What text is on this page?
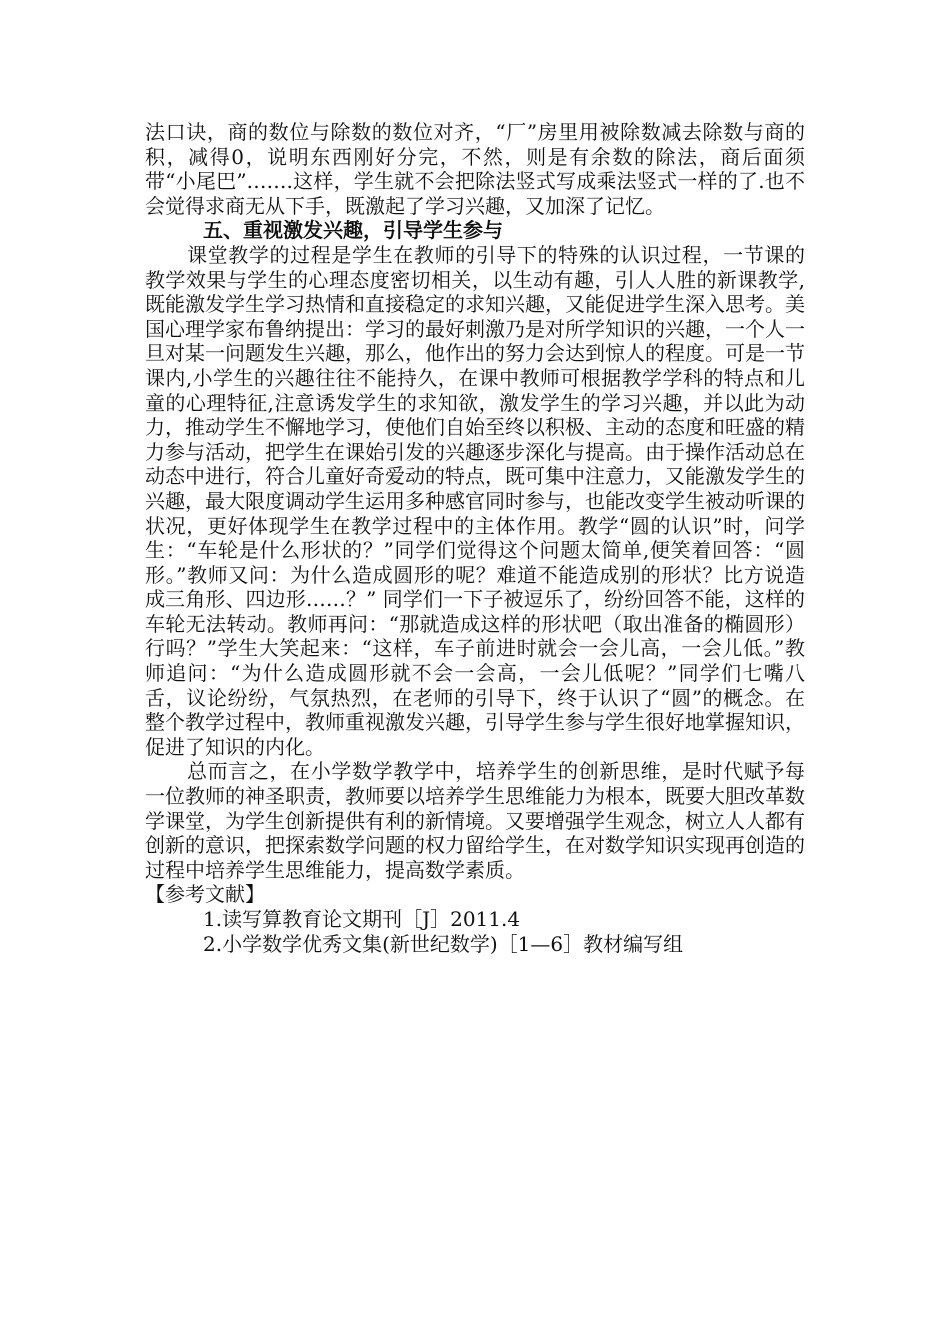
法口诀，商的数位与除数的数位对齐，“厂”房里用被除数减去除数与商的积，减得0，说明东西刚好分完，不然，则是有余数的除法，商后面须带“小尾巴”…….这样，学生就不会把除法竖式写成乘法竖式一样的了.也不会觉得求商无从下手，既激起了学习兴趣，又加深了记忆。

五、重视激发兴趣，引导学生参与

课堂教学的过程是学生在教师的引导下的特殊的认识过程，一节课的教学效果与学生的心理态度密切相关，以生动有趣，引人人胜的新课教学,既能激发学生学习热情和直接稳定的求知兴趣，又能促进学生深入思考。美国心理学家布鲁纳提出：学习的最好刺激乃是对所学知识的兴趣，一个人一旦对某一问题发生兴趣，那么，他作出的努力会达到惊人的程度。可是一节课内,小学生的兴趣往往不能持久，在课中教师可根据教学学科的特点和儿童的心理特征,注意诱发学生的求知欲，激发学生的学习兴趣，并以此为动力，推动学生不懈地学习，使他们自始至终以积极、主动的态度和旺盛的精力参与活动，把学生在课始引发的兴趣逐步深化与提高。由于操作活动总在动态中进行，符合儿童好奇爱动的特点，既可集中注意力，又能激发学生的兴趣，最大限度调动学生运用多种感官同时参与，也能改变学生被动听课的状况，更好体现学生在教学过程中的主体作用。教学“圆的认识”时，问学生：“车轮是什么形状的？”同学们觉得这个问题太简单,便笑着回答：“圆形。”教师又问：为什么造成圆形的呢？难道不能造成别的形状？比方说造成三角形、四边形……？” 同学们一下子被逗乐了，纷纷回答不能，这样的车轮无法转动。教师再问：“那就造成这样的形状吧（取出准备的椭圆形）行吗？”学生大笑起来：“这样，车子前进时就会一会儿高，一会儿低。”教师追问：“为什么造成圆形就不会一会高，一会儿低呢？”同学们七嘴八舌，议论纷纷，气氛热烈，在老师的引导下，终于认识了“圆”的概念。在整个教学过程中，教师重视激发兴趣，引导学生参与学生很好地掌握知识，促进了知识的内化。

总而言之，在小学数学教学中，培养学生的创新思维，是时代赋予每一位教师的神圣职责，教师要以培养学生思维能力为根本，既要大胆改革数学课堂，为学生创新提供有利的新情境。又要增强学生观念，树立人人都有创新的意识，把探索数学问题的权力留给学生，在对数学知识实现再创造的过程中培养学生思维能力，提高数学素质。

【参考文献】

1.读写算教育论文期刊［J］2011.4

2.小学数学优秀文集(新世纪数学)［1—6］教材编写组
